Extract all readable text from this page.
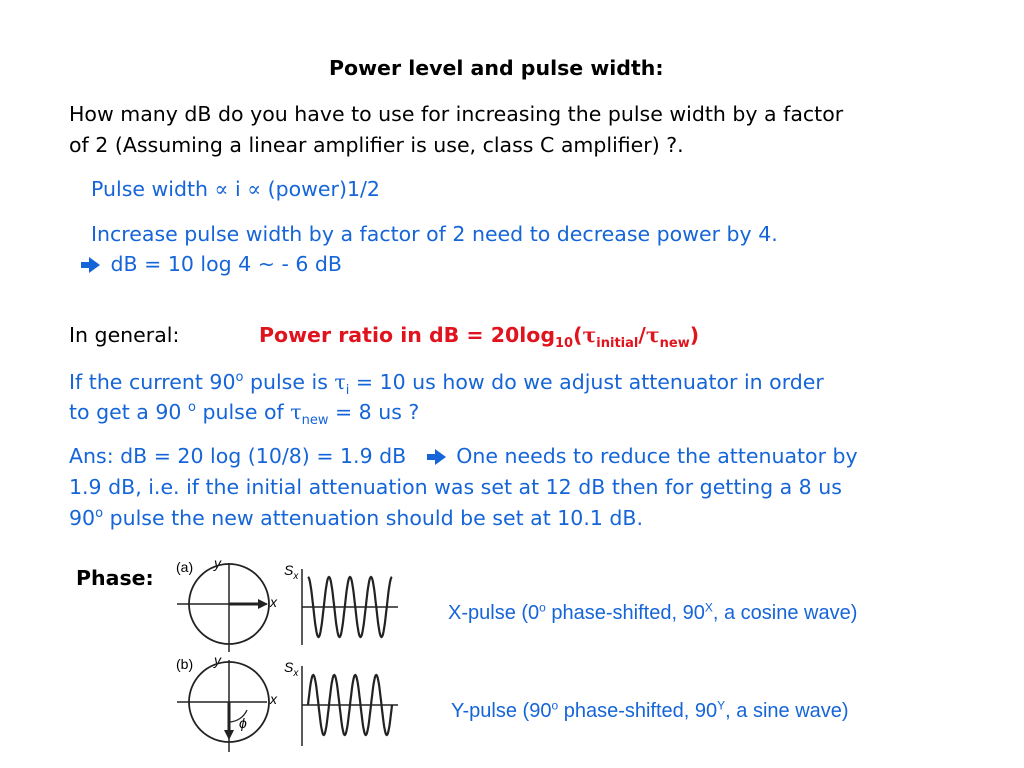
Power level and pulse width:
How many dB do you have to use for increasing the pulse width by a factor
of 2 (Assuming a linear amplifier is use, class C amplifier) ?.
Pulse width ∝ i ∝ (power)1/2
Increase pulse width by a factor of 2 need to decrease power by 4.
dB = 10 log 4 ~ - 6 dB
In general:	Power ratio in dB = $20\log_{10}(\tau_{initial}/\tau_{new})$
If the current 90$^o$ pulse is $\tau_i = 10$ us how do we adjust attenuator in order
to get a 90 $^o$ pulse of $\tau_{new} = 8$ us ?
Ans: dB = 20 log (10/8) = 1.9 dB One needs to reduce the attenuator by
1.9 dB, i.e. if the initial attenuation was set at 12 dB then for getting a 8 us
90$^o$ pulse the new attenuation should be set at 10.1 dB.
Phase: (a) y
x
$S_x$
(b) y
x
ϕ
$S_x$
X-pulse (0$^o$ phase-shifted, $90^X$, a cosine wave)
Y-pulse (90$^o$ phase-shifted, $90^Y$, a sine wave)
